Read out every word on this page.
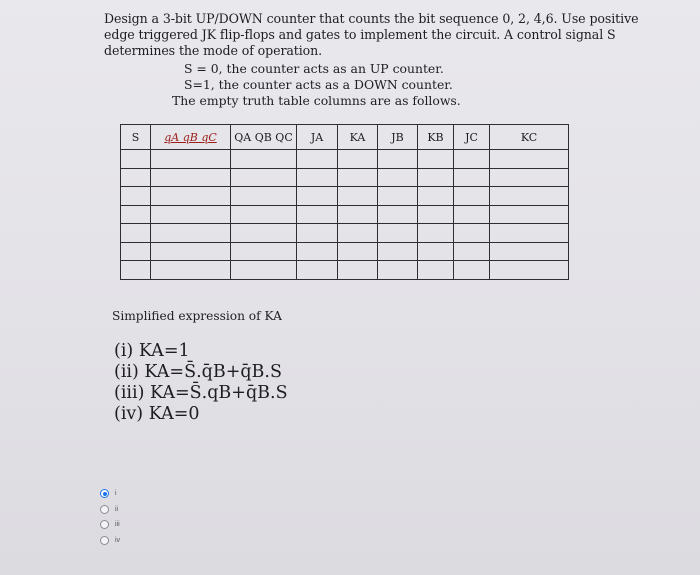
Design a 3-bit UP/DOWN counter that counts the bit sequence 0, 2, 4,6. Use positive edge triggered JK flip-flops and gates to implement the circuit. A control signal S determines the mode of operation.
S = 0, the counter acts as an UP counter.
S=1, the counter acts as a DOWN counter.
The empty truth table columns are as follows.
S	qA qB qC	QA QB QC	JA	KA	JB	KB	JC	KC

Simplified expression of KA
(i) KA=1
(ii) KA=S̄.q̄B+q̄B.S
(iii) KA=S̄.qB+q̄B.S
(iv) KA=0
i
ii
iii
iv
